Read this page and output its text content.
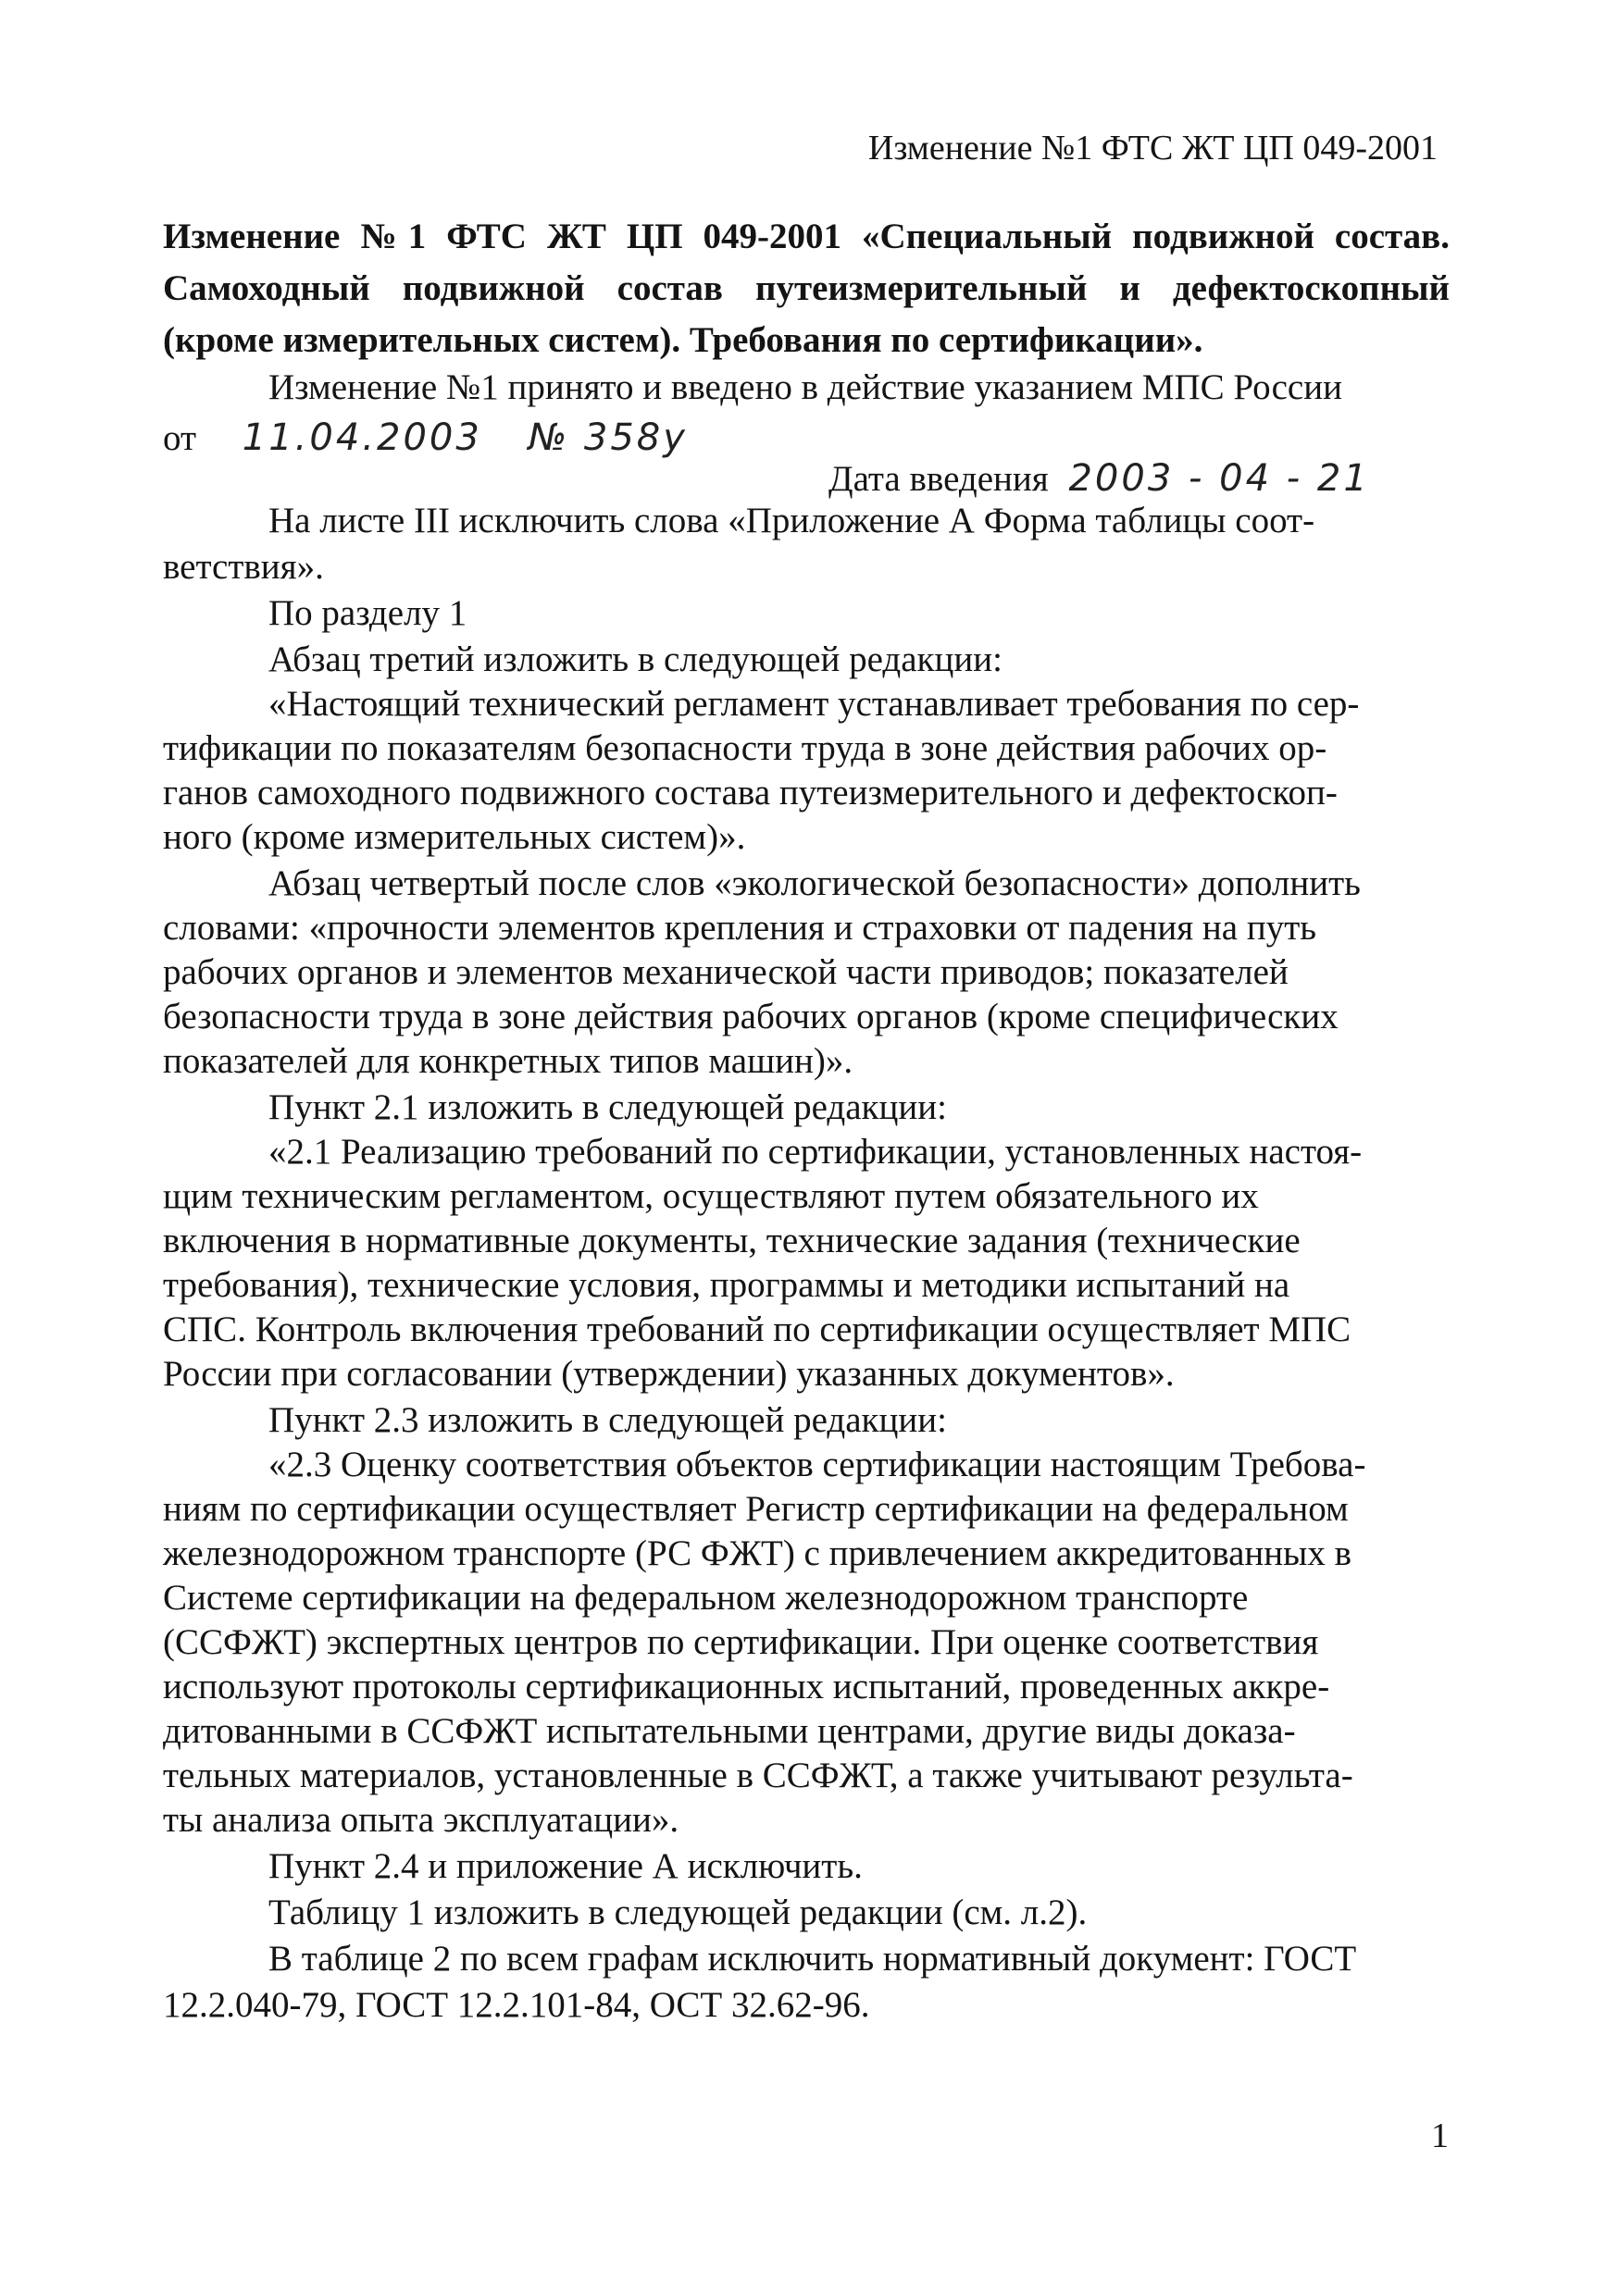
Изменение №1 ФТС ЖТ ЦП 049-2001
Изменение №1 ФТС ЖТ ЦП 049-2001 «Специальный подвижной состав. Самоходный подвижной состав путеизмерительный и дефектоскопный (кроме измерительных систем). Требования по сертификации».
Изменение №1 принято и введено в действие указанием МПС России
от 11.04.2003 № 358у
Дата введения 2003 - 04 - 21
На листе III исключить слова «Приложение А Форма таблицы соот-
ветствия».
По разделу 1
Абзац третий изложить в следующей редакции:
«Настоящий технический регламент устанавливает требования по сер-
тификации по показателям безопасности труда в зоне действия рабочих ор-
ганов самоходного подвижного состава путеизмерительного и дефектоскоп-
ного (кроме измерительных систем)».
Абзац четвертый после слов «экологической безопасности» дополнить
словами: «прочности элементов крепления и страховки от падения на путь
рабочих органов и элементов механической части приводов; показателей
безопасности труда в зоне действия рабочих органов (кроме специфических
показателей для конкретных типов машин)».
Пункт 2.1 изложить в следующей редакции:
«2.1 Реализацию требований по сертификации, установленных настоя-
щим техническим регламентом, осуществляют путем обязательного их
включения в нормативные документы, технические задания (технические
требования), технические условия, программы и методики испытаний на
СПС. Контроль включения требований по сертификации осуществляет МПС
России при согласовании (утверждении) указанных документов».
Пункт 2.3 изложить в следующей редакции:
«2.3 Оценку соответствия объектов сертификации настоящим Требова-
ниям по сертификации осуществляет Регистр сертификации на федеральном
железнодорожном транспорте (РС ФЖТ) с привлечением аккредитованных в
Системе сертификации на федеральном железнодорожном транспорте
(ССФЖТ) экспертных центров по сертификации. При оценке соответствия
используют протоколы сертификационных испытаний, проведенных аккре-
дитованными в ССФЖТ испытательными центрами, другие виды доказа-
тельных материалов, установленные в ССФЖТ, а также учитывают результа-
ты анализа опыта эксплуатации».
Пункт 2.4 и приложение А исключить.
Таблицу 1 изложить в следующей редакции (см. л.2).
В таблице 2 по всем графам исключить нормативный документ: ГОСТ
12.2.040-79, ГОСТ 12.2.101-84, ОСТ 32.62-96.
1
